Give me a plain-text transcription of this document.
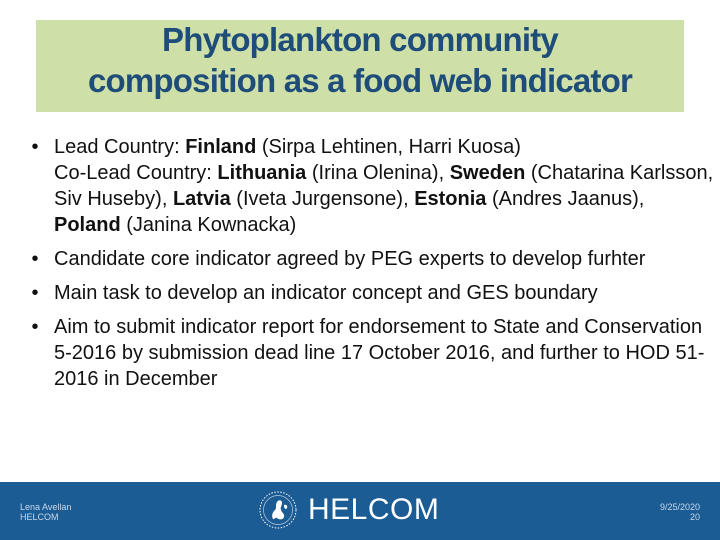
Phytoplankton community
composition as a food web indicator
• Lead Country: Finland (Sirpa Lehtinen, Harri Kuosa)
Co-Lead Country: Lithuania (Irina Olenina), Sweden (Chatarina Karlsson, Siv Huseby), Latvia (Iveta Jurgensone), Estonia (Andres Jaanus), Poland (Janina Kownacka)
• Candidate core indicator agreed by PEG experts to develop furhter
• Main task to develop an indicator concept and GES boundary
• Aim to submit indicator report for endorsement to State and Conservation 5-2016 by submission dead line 17 October 2016, and further to HOD 51-2016 in December
Lena Avellan
HELCOM	HELCOM	9/25/2020
20
